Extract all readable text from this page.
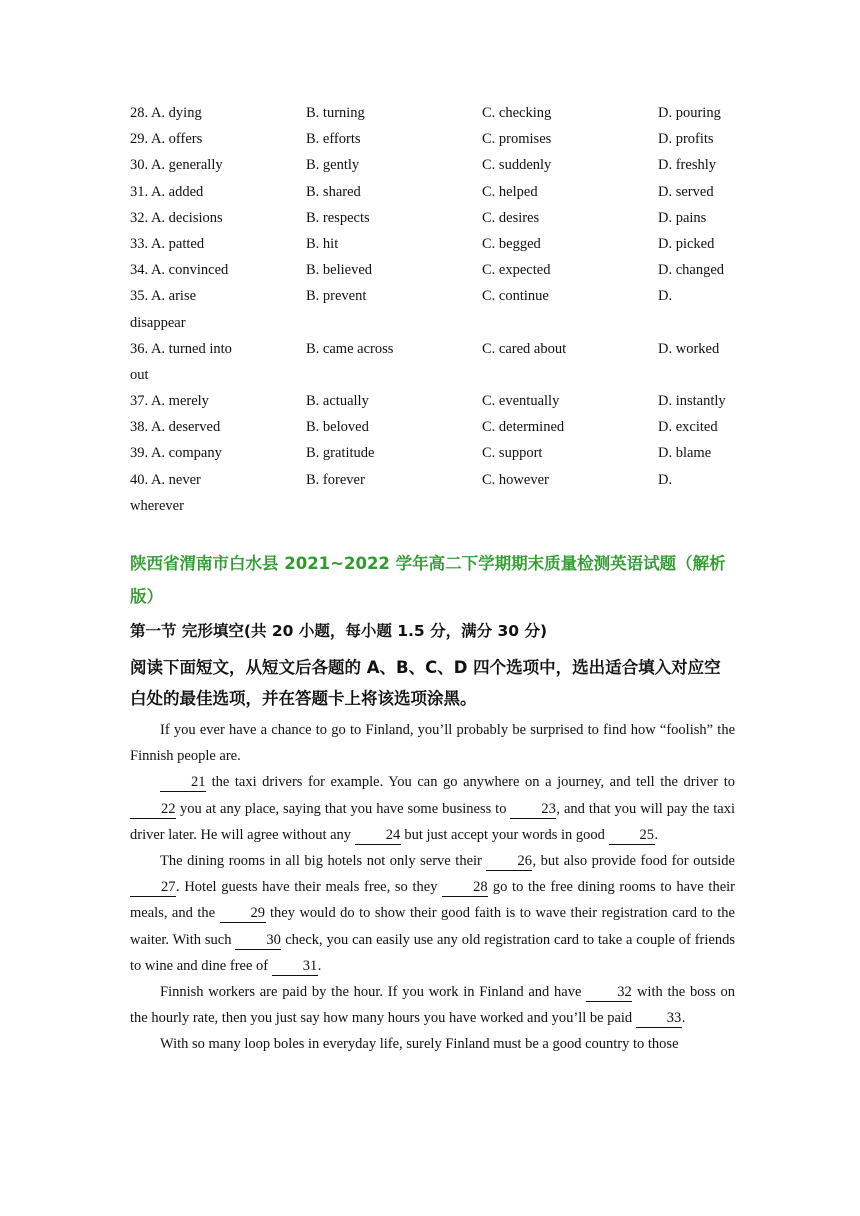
28. A. dying	B. turning	C. checking	D. pouring
29. A. offers	B. efforts	C. promises	D. profits
30. A. generally	B. gently	C. suddenly	D. freshly
31. A. added	B. shared	C. helped	D. served
32. A. decisions	B. respects	C. desires	D. pains
33. A. patted	B. hit	C. begged	D. picked
34. A. convinced	B. believed	C. expected	D. changed
35. A. arise	B. prevent	C. continue	D.
disappear
36. A. turned into	B. came across	C. cared about	D. worked
out
37. A. merely	B. actually	C. eventually	D. instantly
38. A. deserved	B. beloved	C. determined	D. excited
39. A. company	B. gratitude	C. support	D. blame
40. A. never	B. forever	C. however	D.
wherever
陕西省渭南市白水县 2021~2022 学年高二下学期期末质量检测英语试题（解析版）
第一节 完形填空(共 20 小题，每小题 1.5 分，满分 30 分)
阅读下面短文，从短文后各题的 A、B、C、D 四个选项中，选出适合填入对应空白处的最佳选项，并在答题卡上将该选项涂黑。

If you ever have a chance to go to Finland, you’ll probably be surprised to find how “foolish” the Finnish people are.

21 the taxi drivers for example. You can go anywhere on a journey, and tell the driver to 22 you at any place, saying that you have some business to 23, and that you will pay the taxi driver later. He will agree without any 24 but just accept your words in good 25.

The dining rooms in all big hotels not only serve their 26, but also provide food for outside 27. Hotel guests have their meals free, so they 28 go to the free dining rooms to have their meals, and the 29 they would do to show their good faith is to wave their registration card to the waiter. With such 30 check, you can easily use any old registration card to take a couple of friends to wine and dine free of 31.

Finnish workers are paid by the hour. If you work in Finland and have 32 with the boss on the hourly rate, then you just say how many hours you have worked and you’ll be paid 33.

With so many loop boles in everyday life, surely Finland must be a good country to those
